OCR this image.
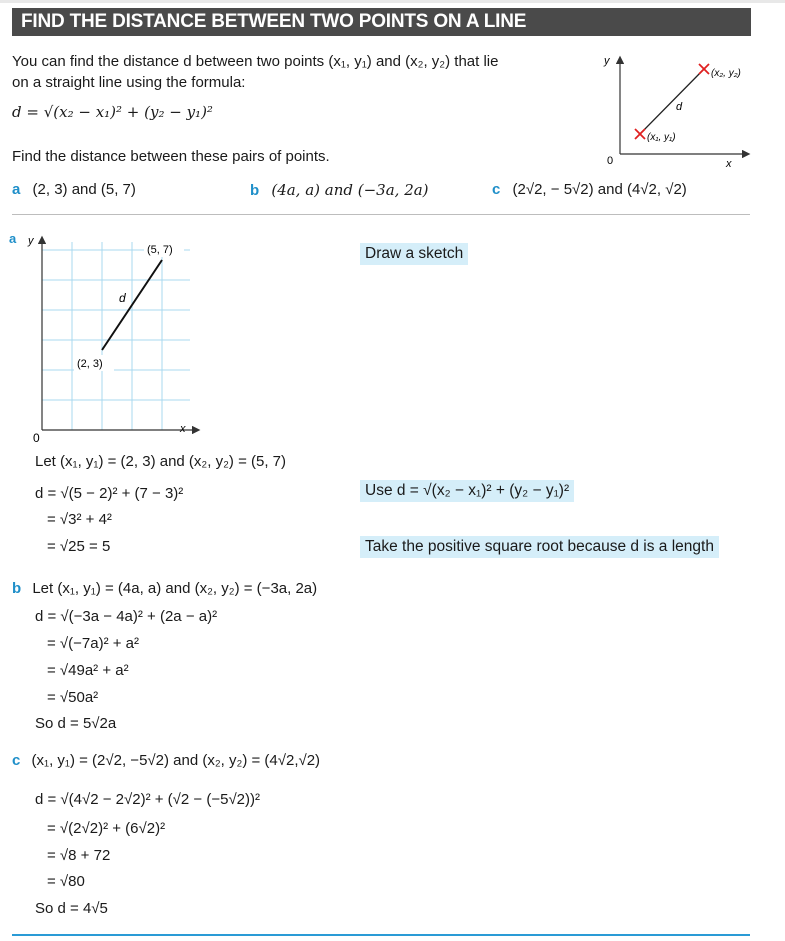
FIND THE DISTANCE BETWEEN TWO POINTS ON A LINE
You can find the distance d between two points (x₁, y₁) and (x₂, y₂) that lie
on a straight line using the formula:
d = √(x₂ − x₁)² + (y₂ − y₁)²
y
x
0
(x₁, y₁)
(x₂, y₂)
d
Find the distance between these pairs of points.
a (2, 3) and (5, 7)	b (4a, a) and (−3a, 2a)	c (2√2, − 5√2) and (4√2, √2)
a y
x
0
(2, 3)
(5, 7)
d
Draw a sketch
Use d = √(x₂ − x₁)² + (y₂ − y₁)²
Take the positive square root because d is a length
Let (x₁, y₁) = (2, 3) and (x₂, y₂) = (5, 7)
d = √(5 − 2)² + (7 − 3)²
= √3² + 4²
= √25 = 5
b Let (x₁, y₁) = (4a, a) and (x₂, y₂) = (−3a, 2a)
d = √(−3a − 4a)² + (2a − a)²
= √(−7a)² + a²
= √49a² + a²
= √50a²
So d = 5√2a
c (x₁, y₁) = (2√2, −5√2) and (x₂, y₂) = (4√2,√2)
d = √(4√2 − 2√2)² + (√2 − (−5√2))²
= √(2√2)² + (6√2)²
= √8 + 72
= √80
So d = 4√5
